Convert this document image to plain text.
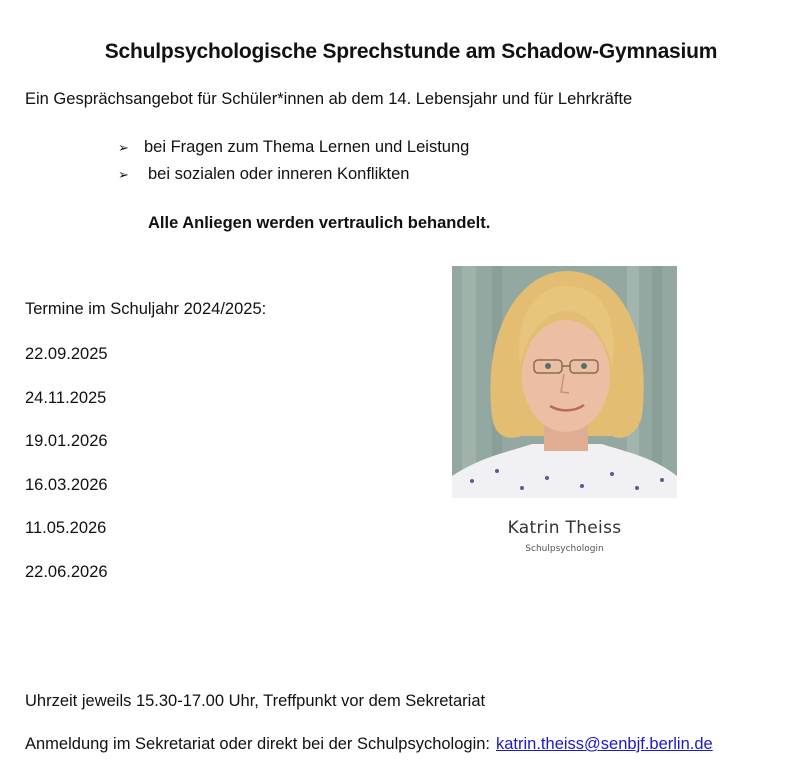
Schulpsychologische Sprechstunde am Schadow-Gymnasium
Ein Gesprächsangebot für Schüler*innen ab dem 14. Lebensjahr und für Lehrkräfte
➢ bei Fragen zum Thema Lernen und Leistung
➢	bei sozialen oder inneren Konflikten
Alle Anliegen werden vertraulich behandelt.
Termine im Schuljahr 2024/2025:
22.09.2025
24.11.2025
19.01.2026
16.03.2026
11.05.2026
22.06.2026
Katrin Theiss
Schulpsychologin
Uhrzeit jeweils 15.30-17.00 Uhr, Treffpunkt vor dem Sekretariat
Anmeldung im Sekretariat oder direkt bei der Schulpsychologin: katrin.theiss@senbjf.berlin.de
